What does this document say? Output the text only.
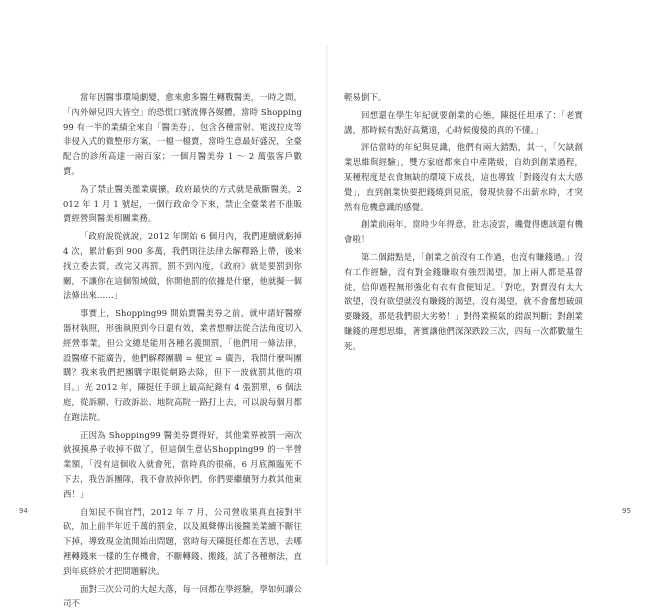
當年因醫事環境劇變，愈來愈多醫生轉戰醫美，一時之間，「內外婦兒四大皆空」的恐慌口號流傳各媒體，當時 Shopping99 有一半的業績全來自「醫美券」，包含各種雷射、電波拉皮等非侵入式的微整形方案，一檔一檔賣，當時生意最好盛況，全臺配合的診所高達一兩百家；一個月醫美券 1 ～ 2 萬張客戶數賣。

為了禁止醫美濫業廣擴，政府最快的方式就是截斷醫美，2012 年 1 月 1 號起，一個行政命令下來，禁止全臺業者不准販賣經營與醫美相關業務。

「政府說從就說，2012 年開始 6 個月內，我們連續就虧掉 4 次，累計虧到 900 多萬，我們則往法律去解釋路上帶，後來找立委去質，改完又再罰，罰不到內度，《政府》就是要罰到你關，不讓你在這個領域做，你開他罰的依據是什麼，他就擬一個法條出來……」

事實上，Shopping99 開始賣醫美券之前，就申請好醫療器材執照，形強執照到今日還有效，業者想辦法從合法角度切入經營事業，但公文總是能用各種名義開罰，「他們用一條法律，設醫療不能廣告，他們解釋團購 = 便宜 = 廣告，我問什麼叫團購？我來我們把團購字眼從網路去除，但下一波就罰其他的項目。」光 2012 年，陳挺任手頭上最高紀錄有 4 張罰單，6 個法庭，從訴願、行政訴訟、地院高院一路打上去，可以說每個月都在跑法院。

正因為 Shopping99 醫美券賣得好，其他業界被罰一兩次就摸摸鼻子收掉不做了，但這個生意佔Shopping99 的一半營業額，「沒有這個收入就會死，當時真的很痛，6 月底瀕臨死不下去，我告訴團隊，我不會放掉你們，你們要繼續努力救其他東西！」

自知民不與官鬥，2012 年 7 月，公司營收果真直接對半砍，加上前半年近千萬的罰金，以及風聲傳出後醫美業續不斷往下掉，導致現金流開始出問題，當時每天陳挺任都在苦思，去哪裡轉錢來一樣的生存機會，不斷轉錢、搬錢，試了各種辦法，直到年底終於才把問題解決。

面對三次公司的大起大落，每一回都在學經驗，學如何讓公司不

輕易倒下。

回想還在學生年紀就要創業的心態，陳挺任坦承了：「老實講，那時候有點好高騖遠，心時候傻傻的真的不懂。」

評估當時的年紀與見識，他們有兩大錯點，其一，「欠缺創業思維與經驗」，雙方家庭都來自中產階級，自幼到創業過程，某種程度是衣食無缺的環境下成長，這也導致「對錢沒有太大感覺」，直到創業快要把錢燒到見底，發現快發不出薪水時，才突然有危機意識的感覺。

創業前兩年，當時少年得意，壯志凌雲，纔覺得應該還有機會啦！

第二個錯點是，「創業之前沒有工作過，也沒有賺錢過。」沒有工作經驗，沒有對金錢賺取有強烈渴望，加上兩人都是基督徒，信仰過程無形強化有衣有食便知足。「對吃，對賣沒有太大欲望，沒有欲望就沒有賺錢的渴望，沒有渴望，就不會奮想破頭要賺錢，那是我們很大劣勢！」對得業模氣的錯誤判斷；對創業賺錢的理想思維，著實讓他們深深跌跤三次，四每一次都數量生死。

94	95
